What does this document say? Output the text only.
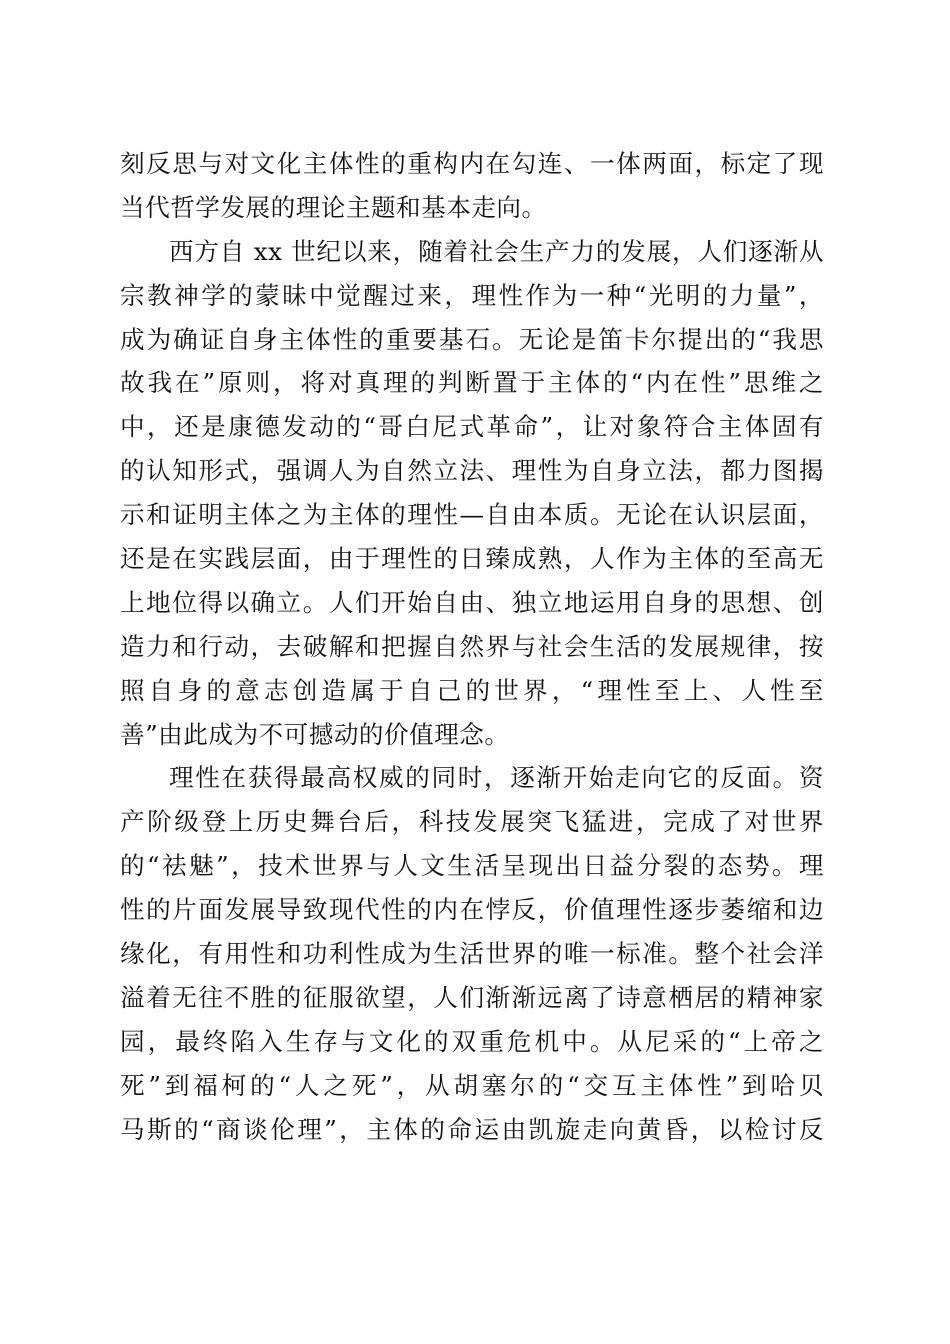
刻反思与对文化主体性的重构内在勾连、一体两面，标定了现
当代哲学发展的理论主题和基本走向。
西方自 xx 世纪以来，随着社会生产力的发展，人们逐渐从
宗教神学的蒙昧中觉醒过来，理性作为一种“光明的力量”，
成为确证自身主体性的重要基石。无论是笛卡尔提出的“我思
故我在”原则，将对真理的判断置于主体的“内在性”思维之
中，还是康德发动的“哥白尼式革命”，让对象符合主体固有
的认知形式，强调人为自然立法、理性为自身立法，都力图揭
示和证明主体之为主体的理性—自由本质。无论在认识层面，
还是在实践层面，由于理性的日臻成熟，人作为主体的至高无
上地位得以确立。人们开始自由、独立地运用自身的思想、创
造力和行动，去破解和把握自然界与社会生活的发展规律，按
照自身的意志创造属于自己的世界，“理性至上、人性至
善”由此成为不可撼动的价值理念。
理性在获得最高权威的同时，逐渐开始走向它的反面。资
产阶级登上历史舞台后，科技发展突飞猛进，完成了对世界
的“祛魅”，技术世界与人文生活呈现出日益分裂的态势。理
性的片面发展导致现代性的内在悖反，价值理性逐步萎缩和边
缘化，有用性和功利性成为生活世界的唯一标准。整个社会洋
溢着无往不胜的征服欲望，人们渐渐远离了诗意栖居的精神家
园，最终陷入生存与文化的双重危机中。从尼采的“上帝之
死”到福柯的“人之死”，从胡塞尔的“交互主体性”到哈贝
马斯的“商谈伦理”，主体的命运由凯旋走向黄昏，以检讨反
